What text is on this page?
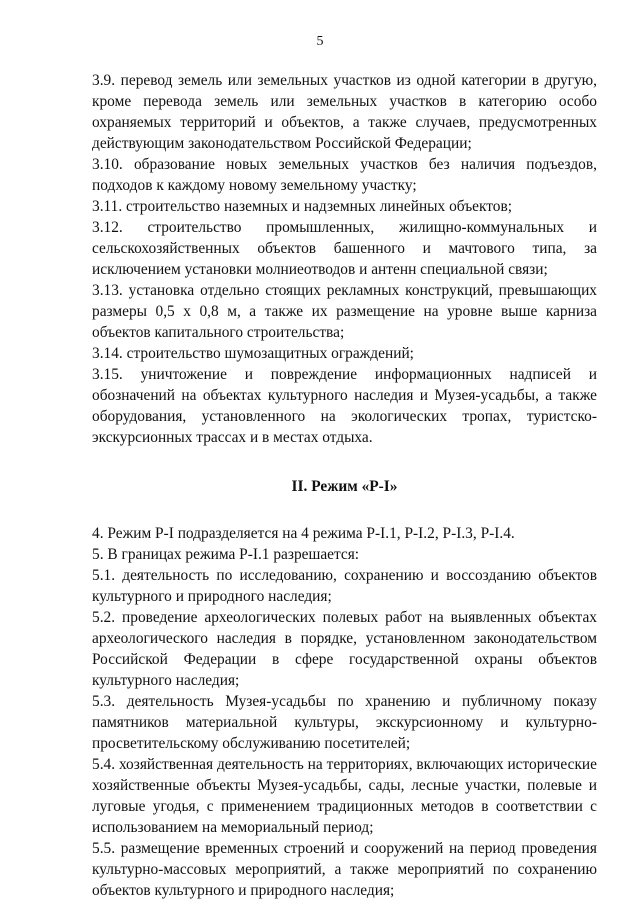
5

3.9. перевод земель или земельных участков из одной категории в другую, кроме перевода земель или земельных участков в категорию особо охраняемых территорий и объектов, а также случаев, предусмотренных действующим законодательством Российской Федерации;

3.10. образование новых земельных участков без наличия подъездов, подходов к каждому новому земельному участку;

3.11. строительство наземных и надземных линейных объектов;

3.12. строительство промышленных, жилищно-коммунальных и сельскохозяйственных объектов башенного и мачтового типа, за исключением установки молниеотводов и антенн специальной связи;

3.13. установка отдельно стоящих рекламных конструкций, превышающих размеры 0,5 х 0,8 м, а также их размещение на уровне выше карниза объектов капитального строительства;

3.14. строительство шумозащитных ограждений;

3.15. уничтожение и повреждение информационных надписей и обозначений на объектах культурного наследия и Музея-усадьбы, а также оборудования, установленного на экологических тропах, туристско-экскурсионных трассах и в местах отдыха.

II. Режим «Р-I»

4. Режим Р-I подразделяется на 4 режима Р-I.1, Р-I.2, Р-I.3, Р-I.4.

5. В границах режима Р-I.1 разрешается:

5.1. деятельность по исследованию, сохранению и воссозданию объектов культурного и природного наследия;

5.2. проведение археологических полевых работ на выявленных объектах археологического наследия в порядке, установленном законодательством Российской Федерации в сфере государственной охраны объектов культурного наследия;

5.3. деятельность Музея-усадьбы по хранению и публичному показу памятников материальной культуры, экскурсионному и культурно-просветительскому обслуживанию посетителей;

5.4. хозяйственная деятельность на территориях, включающих исторические хозяйственные объекты Музея-усадьбы, сады, лесные участки, полевые и луговые угодья, с применением традиционных методов в соответствии с использованием на мемориальный период;

5.5. размещение временных строений и сооружений на период проведения культурно-массовых мероприятий, а также мероприятий по сохранению объектов культурного и природного наследия;
